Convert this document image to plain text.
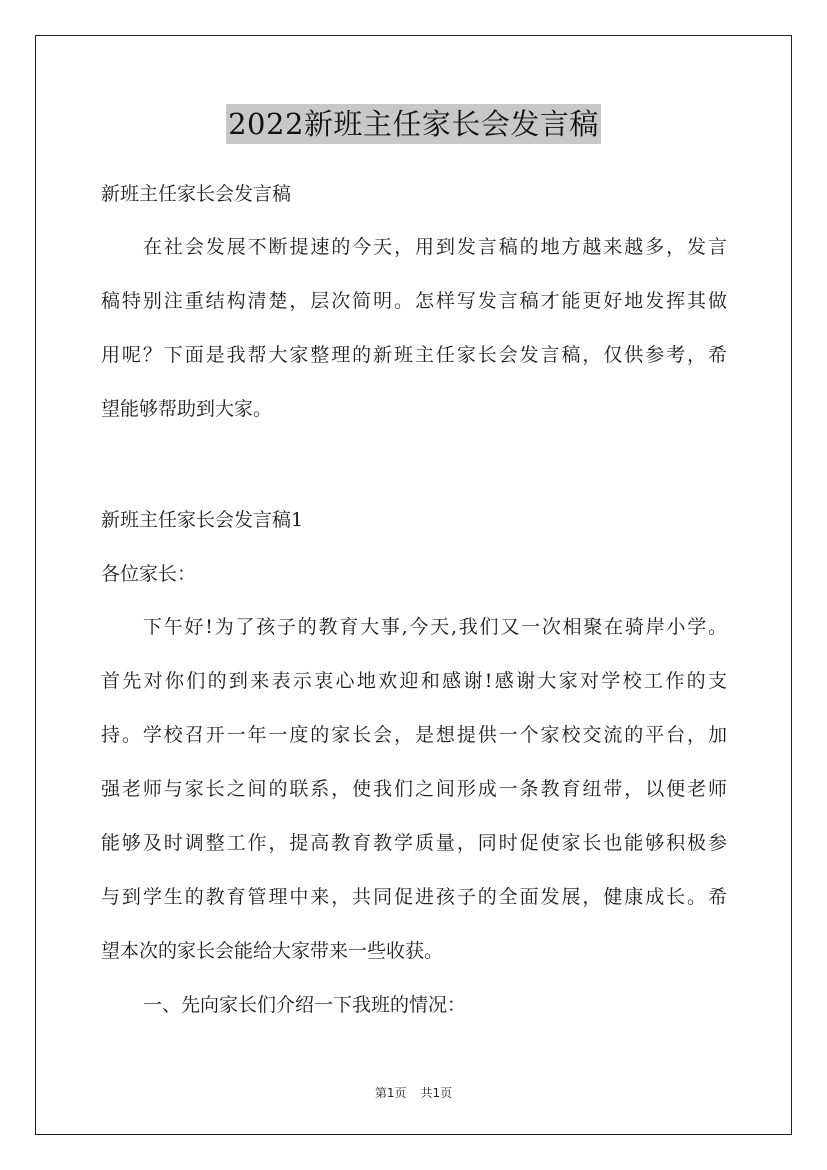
2022新班主任家长会发言稿
新班主任家长会发言稿
在社会发展不断提速的今天，用到发言稿的地方越来越多，发言
稿特别注重结构清楚，层次简明。怎样写发言稿才能更好地发挥其做
用呢？下面是我帮大家整理的新班主任家长会发言稿，仅供参考，希
望能够帮助到大家。
新班主任家长会发言稿1
各位家长：
下午好!为了孩子的教育大事,今天,我们又一次相聚在骑岸小学。
首先对你们的到来表示衷心地欢迎和感谢!感谢大家对学校工作的支
持。学校召开一年一度的家长会，是想提供一个家校交流的平台，加
强老师与家长之间的联系，使我们之间形成一条教育纽带，以便老师
能够及时调整工作，提高教育教学质量，同时促使家长也能够积极参
与到学生的教育管理中来，共同促进孩子的全面发展，健康成长。希
望本次的家长会能给大家带来一些收获。
一、先向家长们介绍一下我班的情况：
第1页 共1页
